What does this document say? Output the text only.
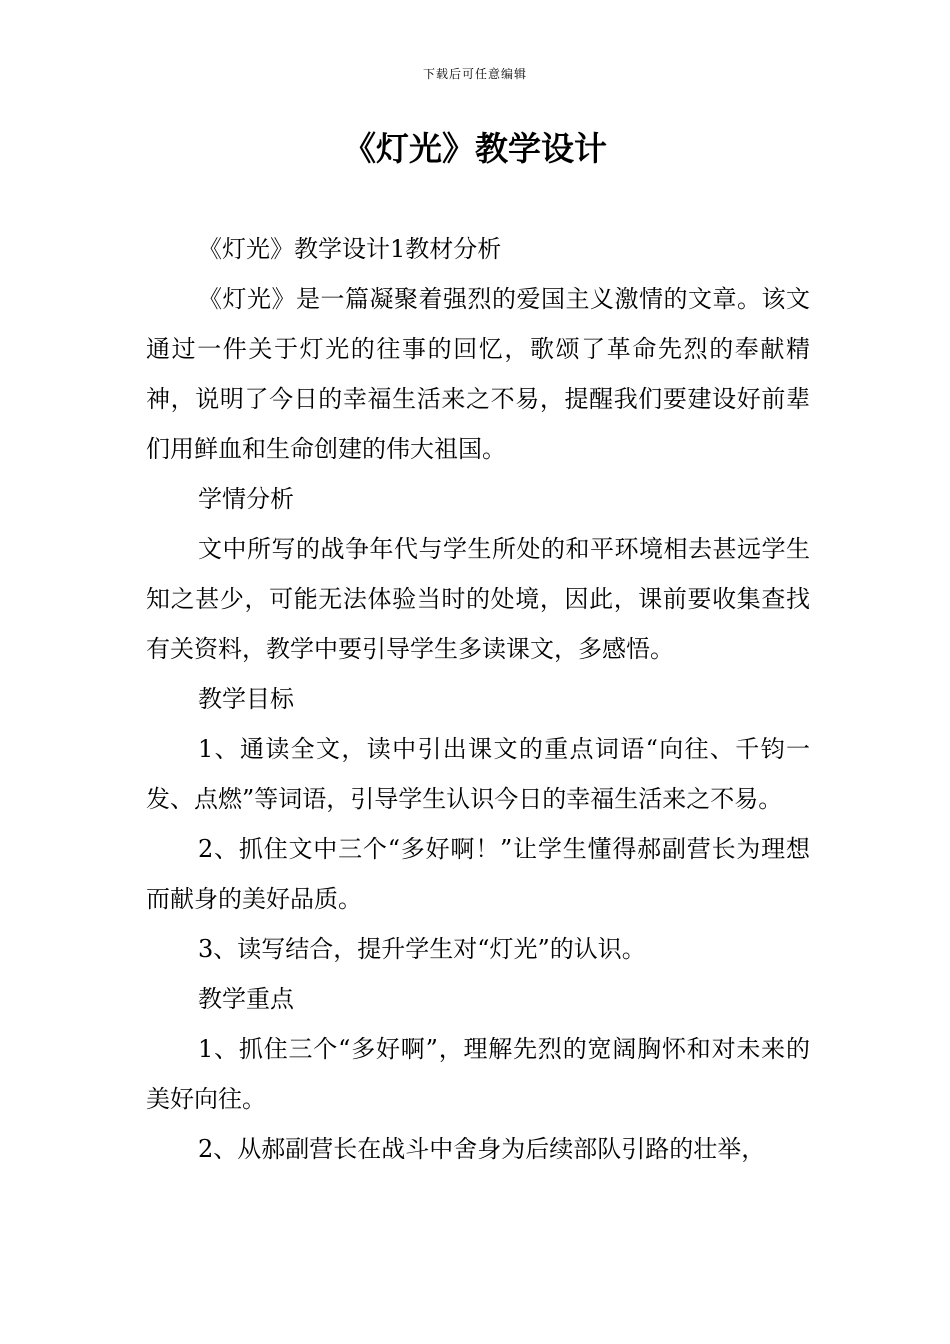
下载后可任意编辑
《灯光》教学设计

《灯光》教学设计1教材分析

《灯光》是一篇凝聚着强烈的爱国主义激情的文章。该文通过一件关于灯光的往事的回忆，歌颂了革命先烈的奉献精神，说明了今日的幸福生活来之不易，提醒我们要建设好前辈们用鲜血和生命创建的伟大祖国。

学情分析

文中所写的战争年代与学生所处的和平环境相去甚远学生知之甚少，可能无法体验当时的处境，因此，课前要收集查找有关资料，教学中要引导学生多读课文，多感悟。

教学目标

1、通读全文，读中引出课文的重点词语“向往、千钧一发、点燃”等词语，引导学生认识今日的幸福生活来之不易。

2、抓住文中三个“多好啊！”让学生懂得郝副营长为理想而献身的美好品质。

3、读写结合，提升学生对“灯光”的认识。

教学重点

1、抓住三个“多好啊”，理解先烈的宽阔胸怀和对未来的美好向往。

2、从郝副营长在战斗中舍身为后续部队引路的壮举，
